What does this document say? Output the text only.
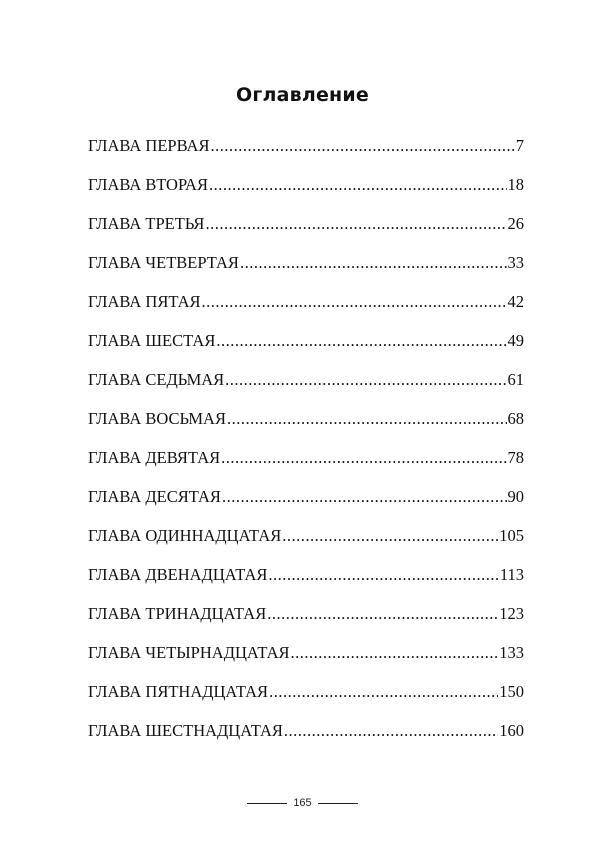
Оглавление
ГЛАВА ПЕРВАЯ .....	7
ГЛАВА ВТОРАЯ .....	18
ГЛАВА ТРЕТЬЯ .....	26
ГЛАВА ЧЕТВЕРТАЯ .....	33
ГЛАВА ПЯТАЯ .....	42
ГЛАВА ШЕСТАЯ .....	49
ГЛАВА СЕДЬМАЯ .....	61
ГЛАВА ВОСЬМАЯ .....	68
ГЛАВА ДЕВЯТАЯ .....	78
ГЛАВА ДЕСЯТАЯ .....	90
ГЛАВА ОДИННАДЦАТАЯ .....	105
ГЛАВА ДВЕНАДЦАТАЯ .....	113
ГЛАВА ТРИНАДЦАТАЯ .....	123
ГЛАВА ЧЕТЫРНАДЦАТАЯ .....	133
ГЛАВА ПЯТНАДЦАТАЯ .....	150
ГЛАВА ШЕСТНАДЦАТАЯ .....	160
165
